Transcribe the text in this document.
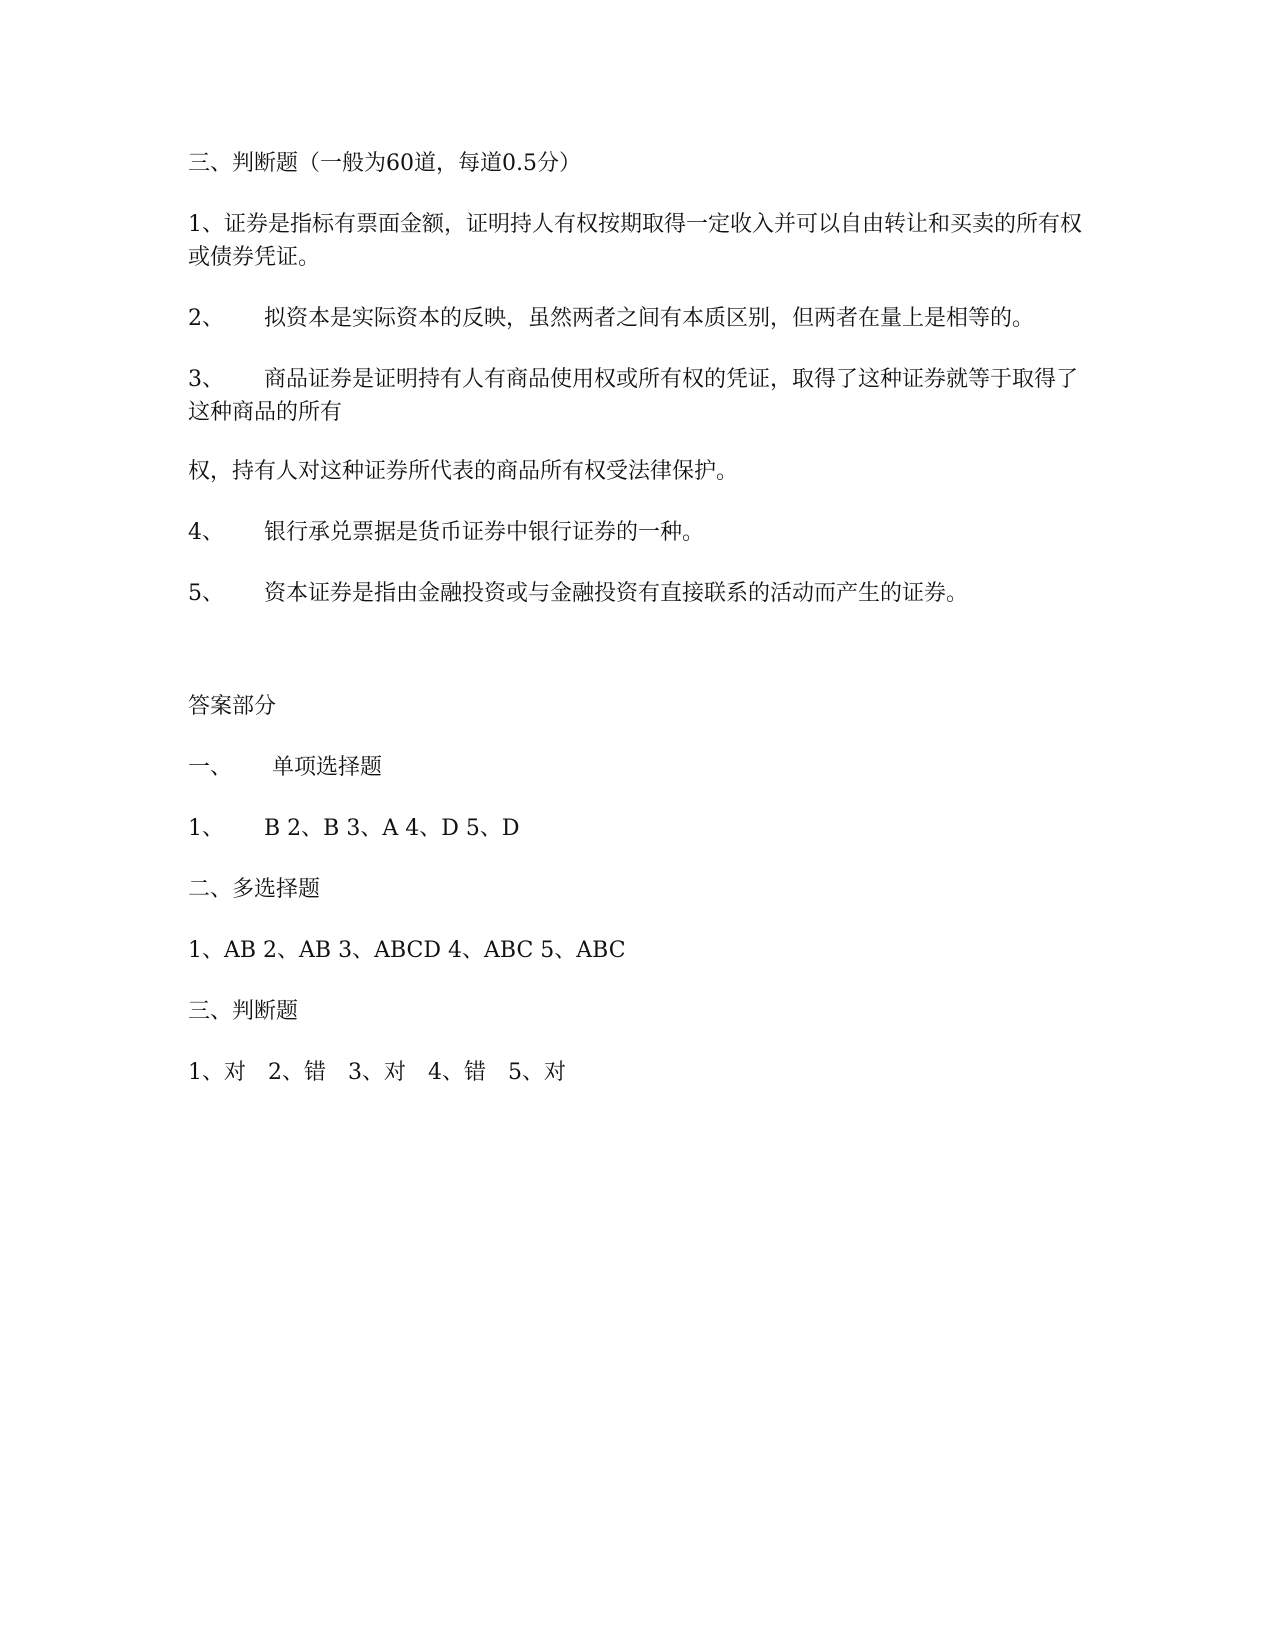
三、判断题（一般为60道，每道0.5分）

1、证券是指标有票面金额，证明持人有权按期取得一定收入并可以自由转让和买卖的所有权或债券凭证。

2、 拟资本是实际资本的反映，虽然两者之间有本质区别，但两者在量上是相等的。

3、 商品证券是证明持有人有商品使用权或所有权的凭证，取得了这种证券就等于取得了这种商品的所有

权，持有人对这种证券所代表的商品所有权受法律保护。

4、 银行承兑票据是货币证券中银行证券的一种。

5、 资本证券是指由金融投资或与金融投资有直接联系的活动而产生的证券。

答案部分

一、 单项选择题

1、 B 2、B 3、A 4、D 5、D

二、多选择题

1、AB 2、AB 3、ABCD 4、ABC 5、ABC

三、判断题

1、对 2、错 3、对 4、错 5、对
